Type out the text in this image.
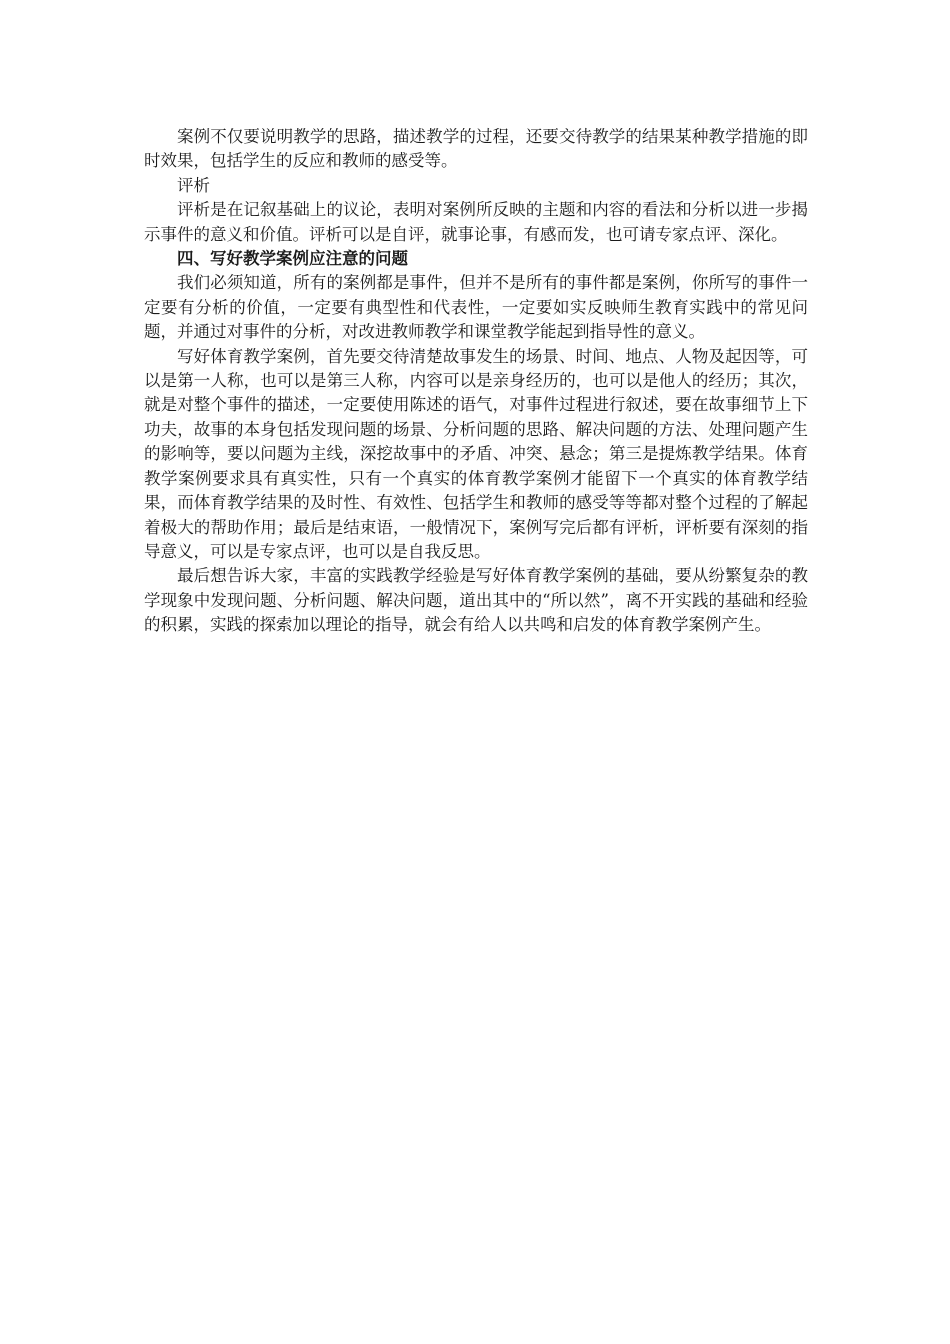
案例不仅要说明教学的思路，描述教学的过程，还要交待教学的结果某种教学措施的即时效果，包括学生的反应和教师的感受等。

评析

评析是在记叙基础上的议论，表明对案例所反映的主题和内容的看法和分析以进一步揭示事件的意义和价值。评析可以是自评，就事论事，有感而发，也可请专家点评、深化。

四、写好教学案例应注意的问题

我们必须知道，所有的案例都是事件，但并不是所有的事件都是案例，你所写的事件一定要有分析的价值，一定要有典型性和代表性，一定要如实反映师生教育实践中的常见问题，并通过对事件的分析，对改进教师教学和课堂教学能起到指导性的意义。

写好体育教学案例，首先要交待清楚故事发生的场景、时间、地点、人物及起因等，可以是第一人称，也可以是第三人称，内容可以是亲身经历的，也可以是他人的经历；其次，就是对整个事件的描述，一定要使用陈述的语气，对事件过程进行叙述，要在故事细节上下功夫，故事的本身包括发现问题的场景、分析问题的思路、解决问题的方法、处理问题产生的影响等，要以问题为主线，深挖故事中的矛盾、冲突、悬念；第三是提炼教学结果。体育教学案例要求具有真实性，只有一个真实的体育教学案例才能留下一个真实的体育教学结果，而体育教学结果的及时性、有效性、包括学生和教师的感受等等都对整个过程的了解起着极大的帮助作用；最后是结束语，一般情况下，案例写完后都有评析，评析要有深刻的指导意义，可以是专家点评，也可以是自我反思。

最后想告诉大家，丰富的实践教学经验是写好体育教学案例的基础，要从纷繁复杂的教学现象中发现问题、分析问题、解决问题，道出其中的“所以然”，离不开实践的基础和经验的积累，实践的探索加以理论的指导，就会有给人以共鸣和启发的体育教学案例产生。
